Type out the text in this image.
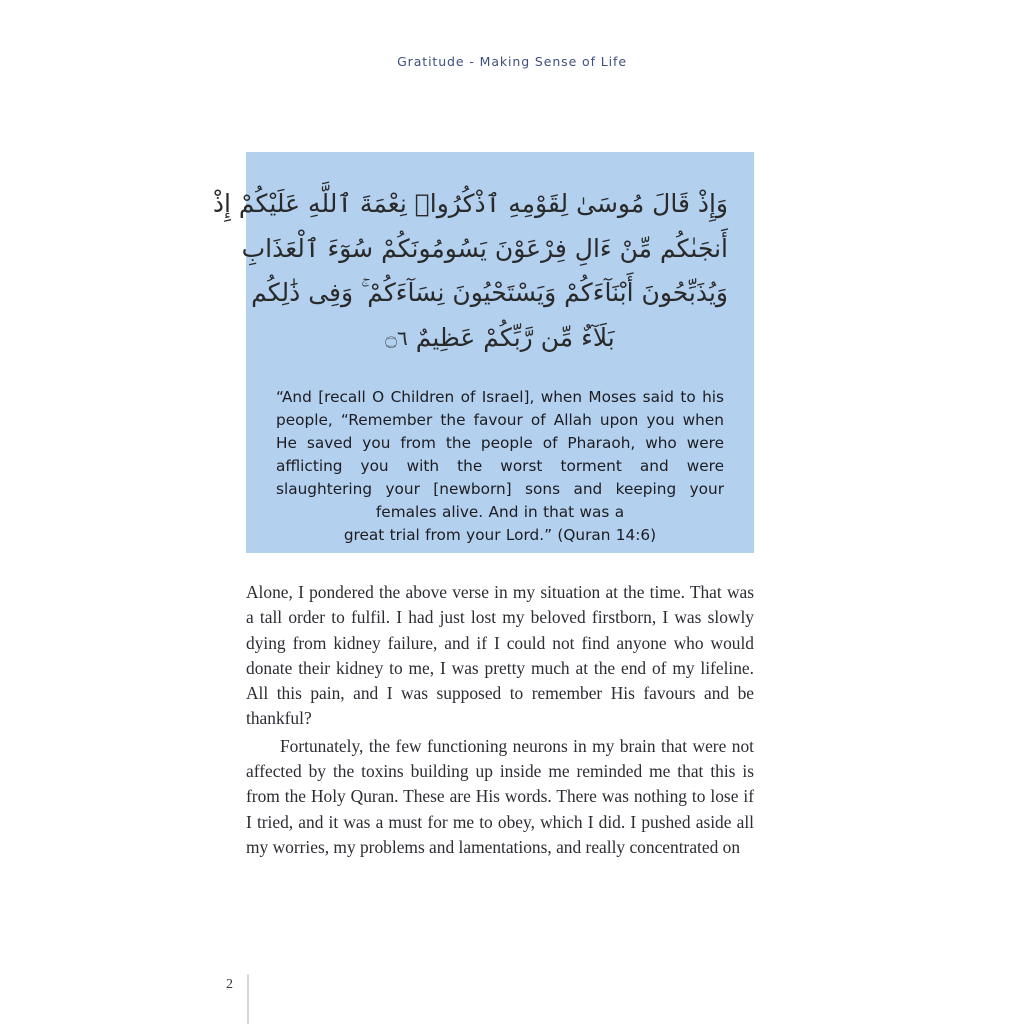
Gratitude - Making Sense of Life
وَإِذْ قَالَ مُوسَىٰ لِقَوْمِهِ ٱذْكُرُوا۟ نِعْمَةَ ٱللَّهِ عَلَيْكُمْ إِذْ
أَنجَىٰكُم مِّنْ ءَالِ فِرْعَوْنَ يَسُومُونَكُمْ سُوٓءَ ٱلْعَذَابِ
وَيُذَبِّحُونَ أَبْنَآءَكُمْ وَيَسْتَحْيُونَ نِسَآءَكُمْ ۚ وَفِى ذَٰلِكُم
بَلَآءٌ مِّن رَّبِّكُمْ عَظِيمٌ ۝٦
“And [recall O Children of Israel], when Moses said to his people, “Remember the favour of Allah upon you when He saved you from the people of Pharaoh, who were afflicting you with the worst torment and were slaughtering your [newborn] sons and keeping your females alive. And in that was a
great trial from your Lord.” (Quran 14:6)

Alone, I pondered the above verse in my situation at the time. That was a tall order to fulfil. I had just lost my beloved firstborn, I was slowly dying from kidney failure, and if I could not find anyone who would donate their kidney to me, I was pretty much at the end of my lifeline. All this pain, and I was supposed to remember His favours and be thankful?

Fortunately, the few functioning neurons in my brain that were not affected by the toxins building up inside me reminded me that this is from the Holy Quran. These are His words. There was nothing to lose if I tried, and it was a must for me to obey, which I did. I pushed aside all my worries, my problems and lamentations, and really concentrated on

2
